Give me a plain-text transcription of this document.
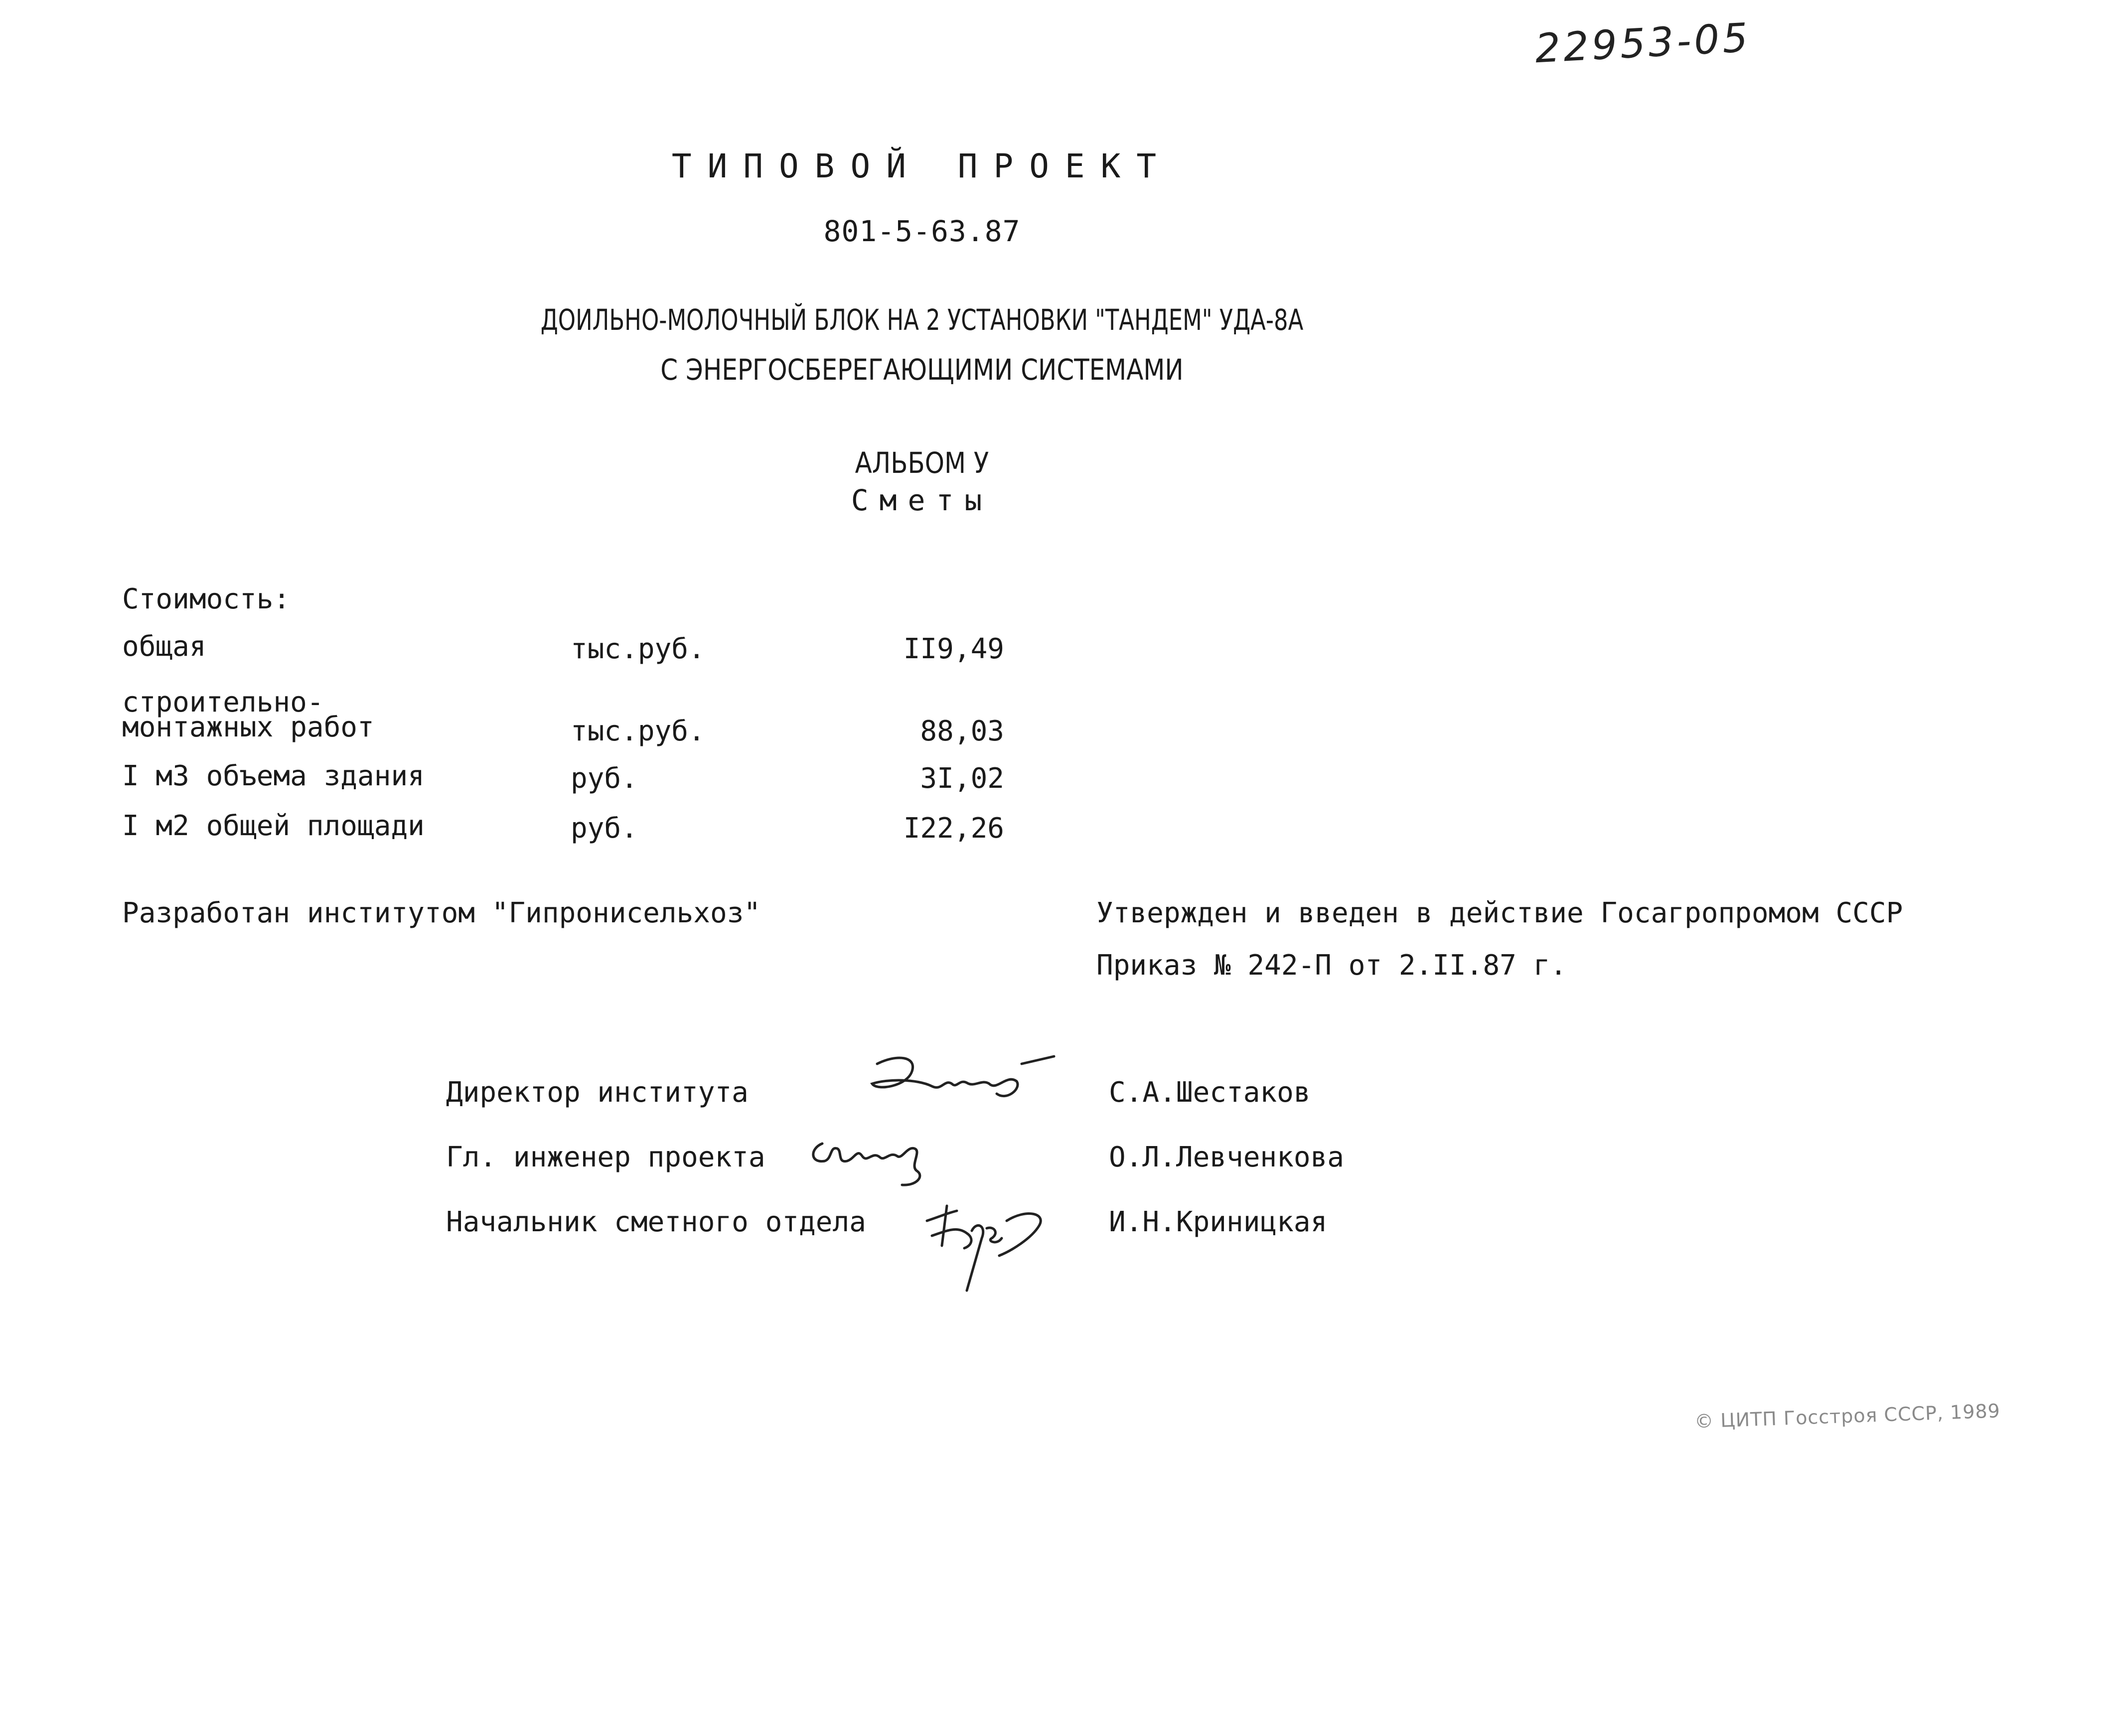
22953-05
ТИПОВОЙ ПРОЕКТ
801-5-63.87
ДОИЛЬНО-МОЛОЧНЫЙ БЛОК НА 2 УСТАНОВКИ "ТАНДЕМ" УДА-8А
С ЭНЕРГОСБЕРЕГАЮЩИМИ СИСТЕМАМИ
АЛЬБОМ У
Сметы
Стоимость:
общая	тыс.руб.	II9,49
строительно-монтажных работ	тыс.руб.	88,03
I м3 объема здания	руб.	3I,02
I м2 общей площади	руб.	I22,26
Разработан институтом "Гипронисельхоз"	Утвержден и введен в действие Госагропромом СССР
Приказ № 242-П от 2.II.87 г.
Директор института	С.А.Шестаков
Гл. инженер проекта	О.Л.Левченкова
Начальник сметного отдела	И.Н.Криницкая
© ЦИТП Госстроя СССР, 1989
